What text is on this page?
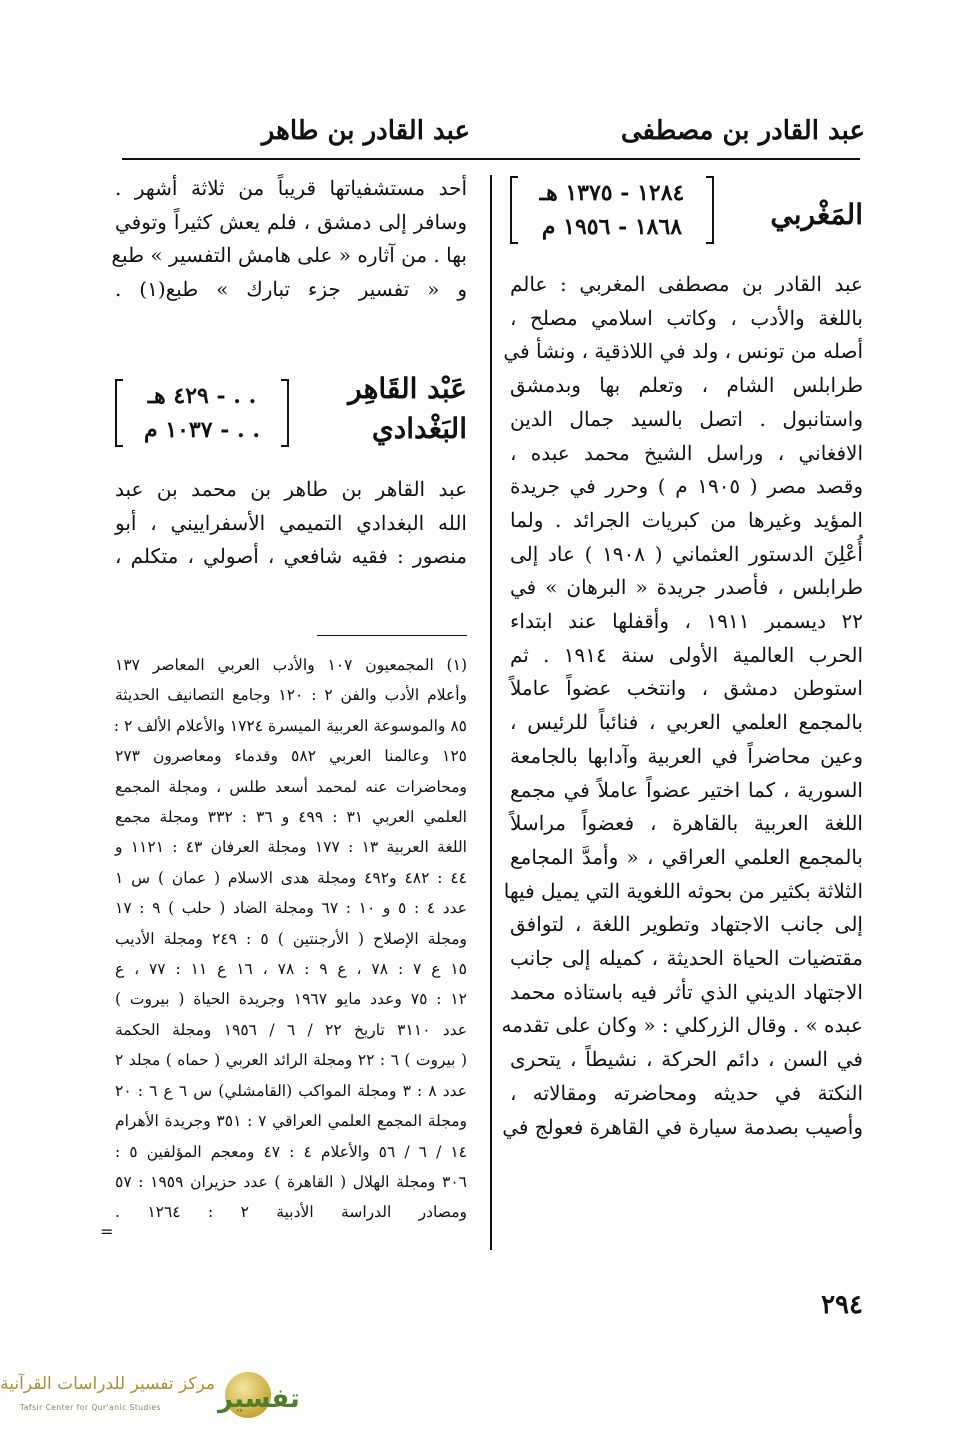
عبد القادر بن مصطفى
عبد القادر بن طاهر
المَغْربي
١٢٨٤ - ١٣٧٥ هـ
١٨٦٨ - ١٩٥٦ م

عبد القادر بن مصطفى المغربي : عالم
باللغة والأدب ، وكاتب اسلامي مصلح ،
أصله من تونس ، ولد في اللاذقية ، ونشأ في
طرابلس الشام ، وتعلم بها وبدمشق
واستانبول . اتصل بالسيد جمال الدين
الافغاني ، وراسل الشيخ محمد عبده ،
وقصد مصر ( ١٩٠٥ م ) وحرر في جريدة
المؤيد وغيرها من كبريات الجرائد . ولما
أُعْلِنَ الدستور العثماني ( ١٩٠٨ ) عاد إلى
طرابلس ، فأصدر جريدة « البرهان » في
٢٢ ديسمبر ١٩١١ ، وأقفلها عند ابتداء
الحرب العالمية الأولى سنة ١٩١٤ . ثم
استوطن دمشق ، وانتخب عضواً عاملاً
بالمجمع العلمي العربي ، فنائباً للرئيس ،
وعين محاضراً في العربية وآدابها بالجامعة
السورية ، كما اختير عضواً عاملاً في مجمع
اللغة العربية بالقاهرة ، فعضواً مراسلاً
بالمجمع العلمي العراقي ، « وأمدَّ المجامع
الثلاثة بكثير من بحوثه اللغوية التي يميل فيها
إلى جانب الاجتهاد وتطوير اللغة ، لتوافق
مقتضيات الحياة الحديثة ، كميله إلى جانب
الاجتهاد الديني الذي تأثر فيه باستاذه محمد
عبده » . وقال الزركلي : « وكان على تقدمه
في السن ، دائم الحركة ، نشيطاً ، يتحرى
النكتة في حديثه ومحاضرته ومقالاته ،
وأصيب بصدمة سيارة في القاهرة فعولج في

أحد مستشفياتها قريباً من ثلاثة أشهر .
وسافر إلى دمشق ، فلم يعش كثيراً وتوفي
بها . من آثاره « على هامش التفسير » طبع
و « تفسير جزء تبارك » طبع(١) .

عَبْد القَاهِر
البَغْدادي
. . - ٤٢٩ هـ
. . - ١٠٣٧ م

عبد القاهر بن طاهر بن محمد بن عبد
الله البغدادي التميمي الأسفراييني ، أبو
منصور : فقيه شافعي ، أصولي ، متكلم ،

(١) المجمعيون ١٠٧ والأدب العربي المعاصر ١٣٧
وأعلام الأدب والفن ٢ : ١٢٠ وجامع التصانيف الحديثة
٨٥ والموسوعة العربية الميسرة ١٧٢٤ والأعلام الألف ٢ :
١٢٥ وعالمنا العربي ٥٨٢ وقدماء ومعاصرون ٢٧٣
ومحاضرات عنه لمحمد أسعد طلس ، ومجلة المجمع
العلمي العربي ٣١ : ٤٩٩ و ٣٦ : ٣٣٢ ومجلة مجمع
اللغة العربية ١٣ : ١٧٧ ومجلة العرفان ٤٣ : ١١٢١ و
٤٤ : ٤٨٢ و٤٩٢ ومجلة هدى الاسلام ( عمان ) س ١
عدد ٤ : ٥ و ١٠ : ٦٧ ومجلة الضاد ( حلب ) ٩ : ١٧
ومجلة الإصلاح ( الأرجنتين ) ٥ : ٢٤٩ ومجلة الأديب
١٥ ع ٧ : ٧٨ ، ع ٩ : ٧٨ ، ١٦ ع ١١ : ٧٧ ، ع
١٢ : ٧٥ وعدد مايو ١٩٦٧ وجريدة الحياة ( بيروت )
عدد ٣١١٠ تاريخ ٢٢ / ٦ / ١٩٥٦ ومجلة الحكمة
( بيروت ) ٦ : ٢٢ ومجلة الرائد العربي ( حماه ) مجلد ٢
عدد ٨ : ٣ ومجلة المواكب (القامشلي) س ٦ ع ٦ : ٢٠
ومجلة المجمع العلمي العراقي ٧ : ٣٥١ وجريدة الأهرام
١٤ / ٦ / ٥٦ والأعلام ٤ : ٤٧ ومعجم المؤلفين ٥ :
٣٠٦ ومجلة الهلال ( القاهرة ) عدد حزيران ١٩٥٩ : ٥٧
ومصادر الدراسة الأدبية ٢ : ١٢٦٤ .

=
٢٩٤
تفسير
مركز تفسير للدراسات القرآنية
Tafsir Center for Qur'anic Studies
